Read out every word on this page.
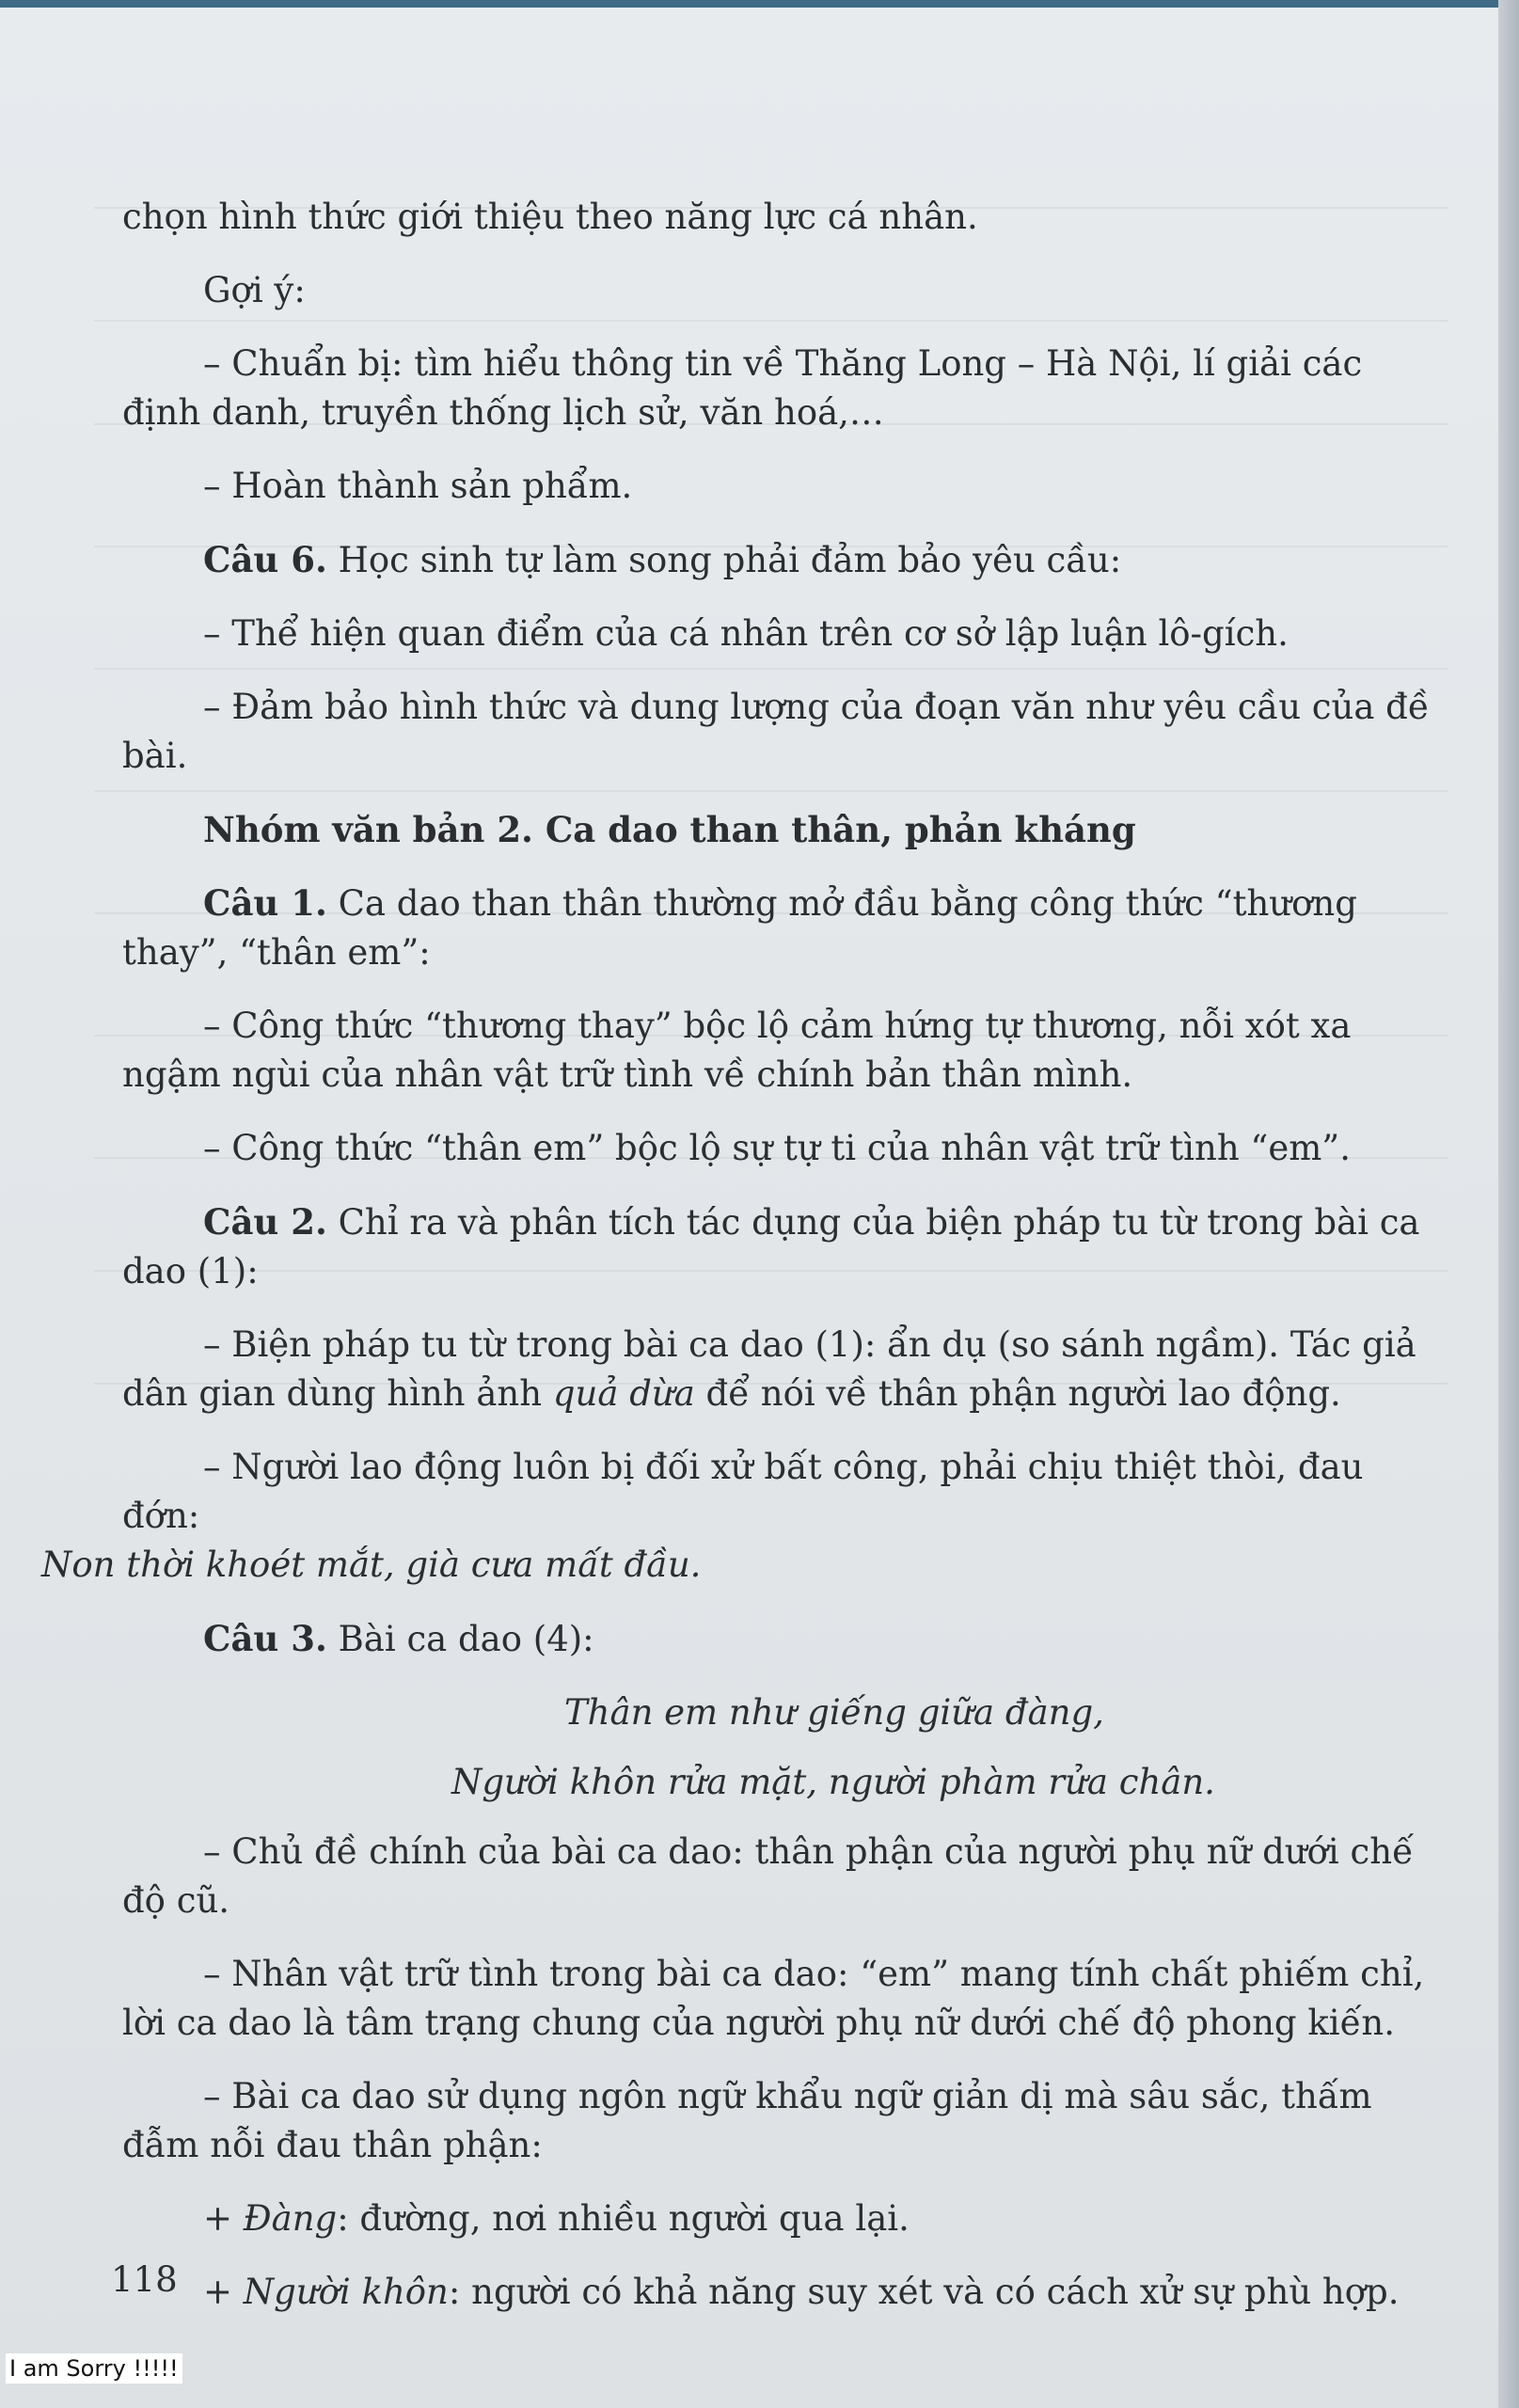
chọn hình thức giới thiệu theo năng lực cá nhân.

Gợi ý:

– Chuẩn bị: tìm hiểu thông tin về Thăng Long – Hà Nội, lí giải các định danh, truyền thống lịch sử, văn hoá,…

– Hoàn thành sản phẩm.

Câu 6. Học sinh tự làm song phải đảm bảo yêu cầu:

– Thể hiện quan điểm của cá nhân trên cơ sở lập luận lô-gích.

– Đảm bảo hình thức và dung lượng của đoạn văn như yêu cầu của đề bài.

Nhóm văn bản 2. Ca dao than thân, phản kháng

Câu 1. Ca dao than thân thường mở đầu bằng công thức “thương thay”, “thân em”:

– Công thức “thương thay” bộc lộ cảm hứng tự thương, nỗi xót xa ngậm ngùi của nhân vật trữ tình về chính bản thân mình.

– Công thức “thân em” bộc lộ sự tự ti của nhân vật trữ tình “em”.

Câu 2. Chỉ ra và phân tích tác dụng của biện pháp tu từ trong bài ca dao (1):

– Biện pháp tu từ trong bài ca dao (1): ẩn dụ (so sánh ngầm). Tác giả dân gian dùng hình ảnh quả dừa để nói về thân phận người lao động.

– Người lao động luôn bị đối xử bất công, phải chịu thiệt thòi, đau đớn:
Non thời khoét mắt, già cưa mất đầu.

Câu 3. Bài ca dao (4):

Thân em như giếng giữa đàng,

Người khôn rửa mặt, người phàm rửa chân.

– Chủ đề chính của bài ca dao: thân phận của người phụ nữ dưới chế độ cũ.

– Nhân vật trữ tình trong bài ca dao: “em” mang tính chất phiếm chỉ, lời ca dao là tâm trạng chung của người phụ nữ dưới chế độ phong kiến.

– Bài ca dao sử dụng ngôn ngữ khẩu ngữ giản dị mà sâu sắc, thấm đẫm nỗi đau thân phận:

+ Đàng: đường, nơi nhiều người qua lại.

+ Người khôn: người có khả năng suy xét và có cách xử sự phù hợp.

118
I am Sorry !!!!!
